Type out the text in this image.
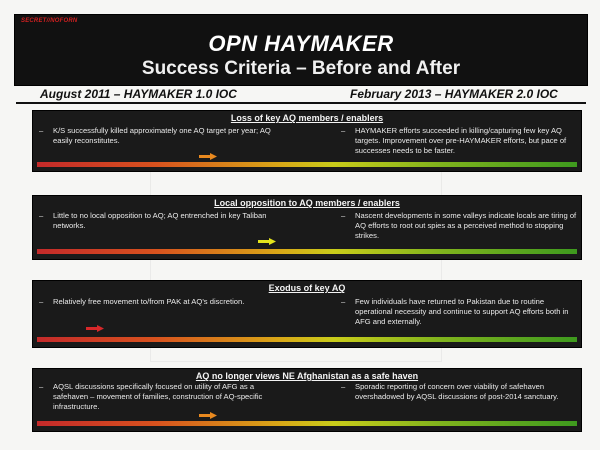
SECRET//NOFORN
OPN HAYMAKER
Success Criteria – Before and After
August 2011 – HAYMAKER 1.0 IOC	February 2013 – HAYMAKER 2.0 IOC
Loss of key AQ members / enablers
–	K/S successfully killed approximately one AQ target per year; AQ easily reconstitutes.
–	HAYMAKER efforts succeeded in killing/capturing few key AQ targets. Improvement over pre-HAYMAKER efforts, but pace of successes needs to be faster.
Local opposition to AQ members / enablers
–	Little to no local opposition to AQ; AQ entrenched in key Taliban networks.
–	Nascent developments in some valleys indicate locals are tiring of AQ efforts to root out spies as a perceived method to stopping strikes.
Exodus of key AQ
–	Relatively free movement to/from PAK at AQ’s discretion.	–	Few individuals have returned to Pakistan due to routine operational necessity and continue to support AQ efforts both in AFG and externally.
AQ no longer views NE Afghanistan as a safe haven
–	AQSL discussions specifically focused on utility of AFG as a safehaven – movement of families, construction of AQ-specific infrastructure.
–	Sporadic reporting of concern over viability of safehaven overshadowed by AQSL discussions of post-2014 sanctuary.
